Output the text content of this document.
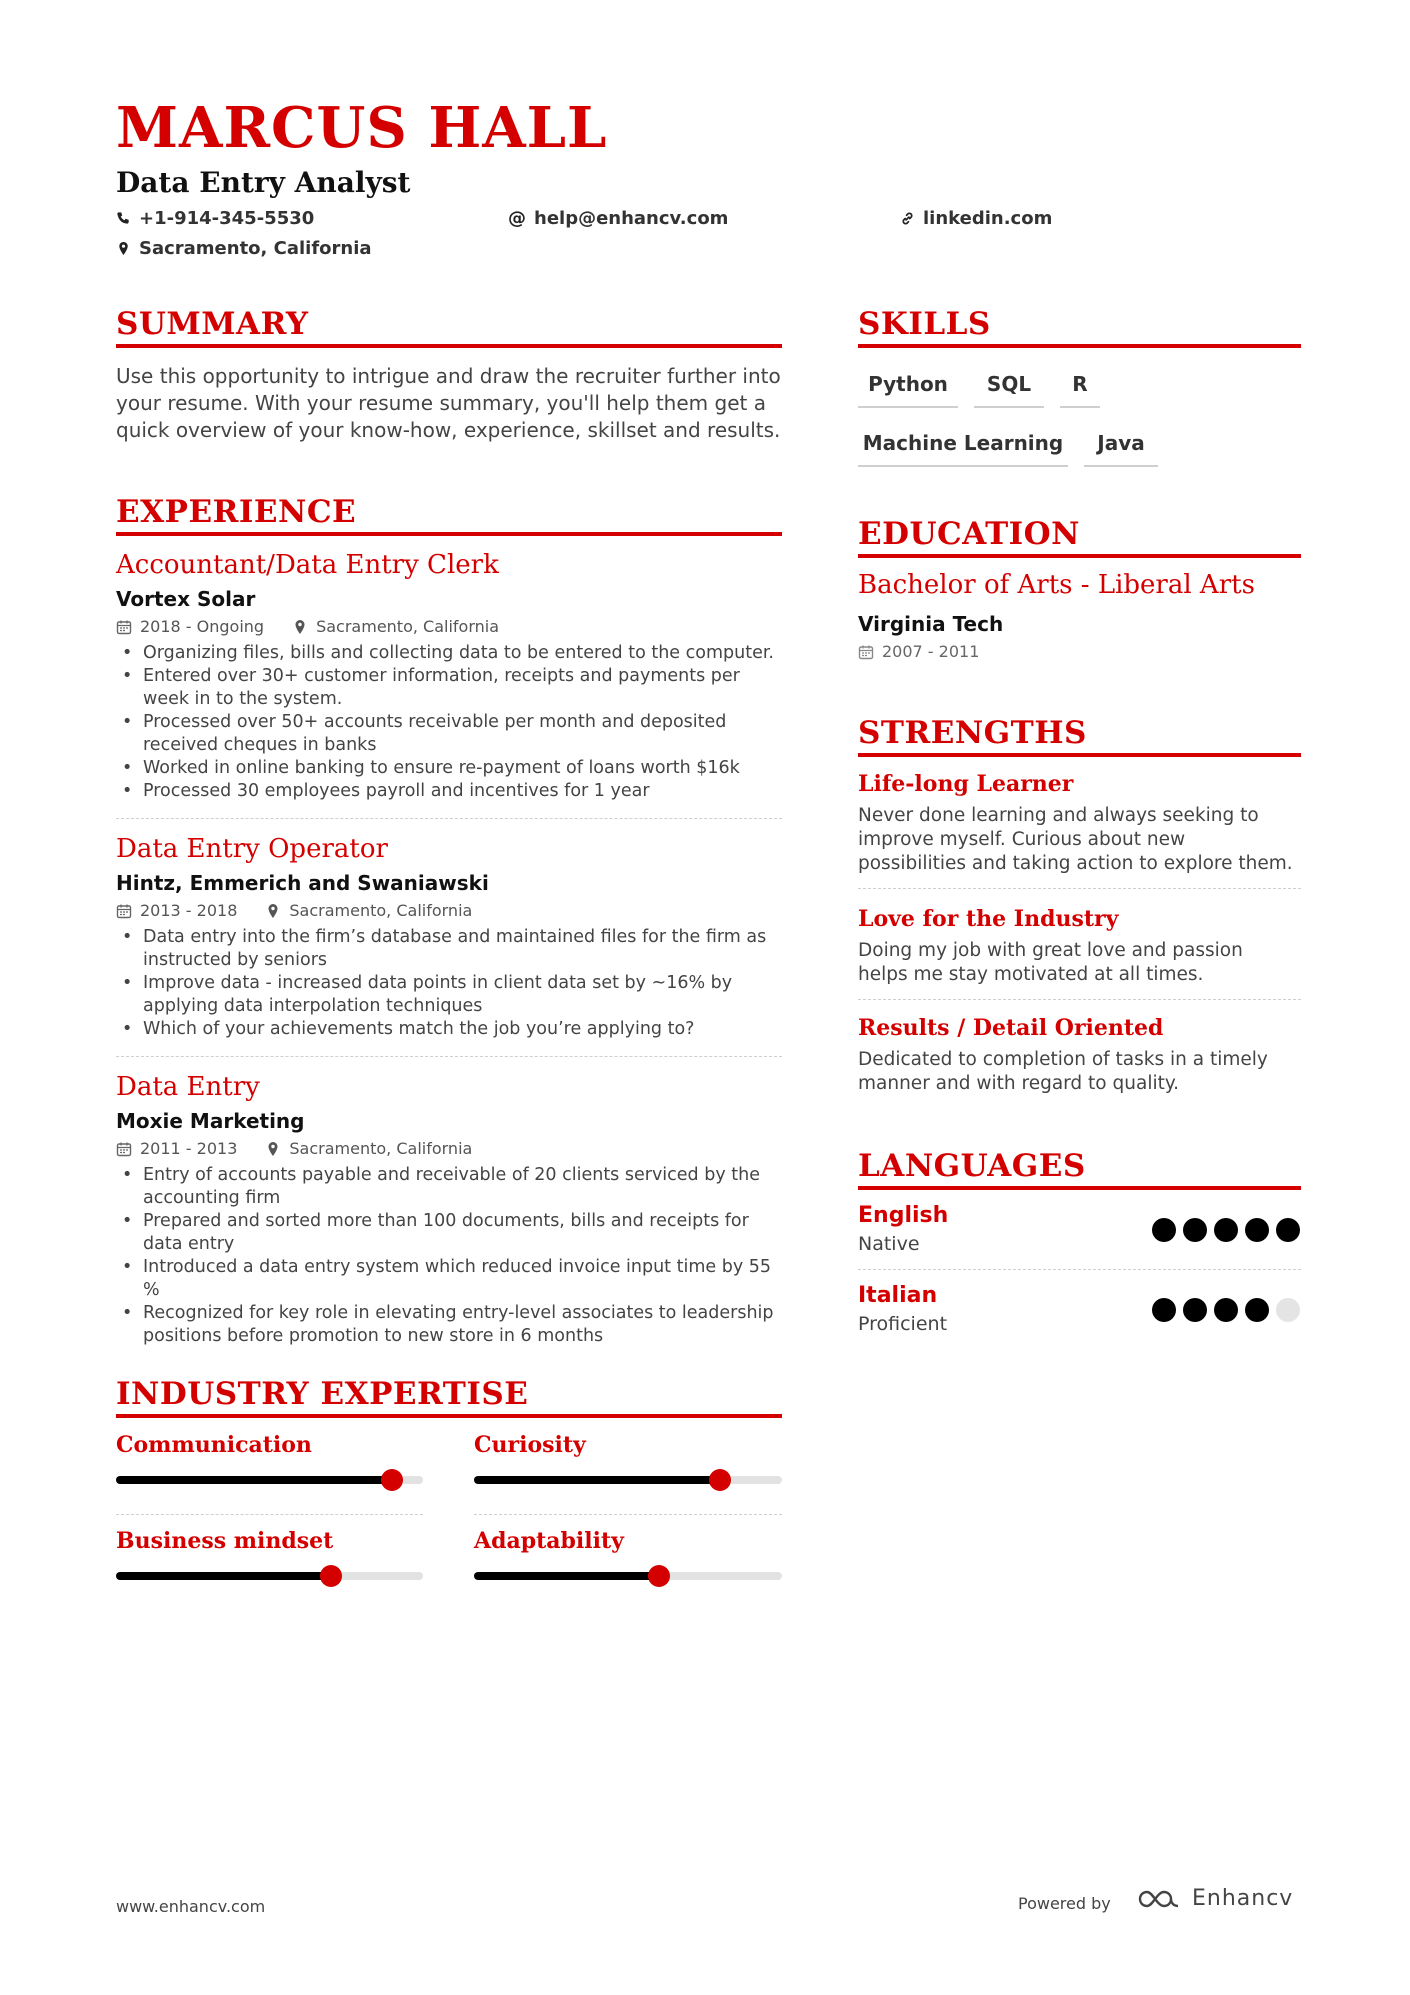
MARCUS HALL
Data Entry Analyst
+1-914-345-5530	@ help@enhancv.com	linkedin.com
Sacramento, California
SUMMARY
Use this opportunity to intrigue and draw the recruiter further into your resume. With your resume summary, you'll help them get a quick overview of your know-how, experience, skillset and results.
EXPERIENCE
Accountant/Data Entry Clerk
Vortex Solar
2018 - Ongoing	Sacramento, California
• Organizing files, bills and collecting data to be entered to the computer.
• Entered over 30+ customer information, receipts and payments per week in to the system.
• Processed over 50+ accounts receivable per month and deposited received cheques in banks
• Worked in online banking to ensure re-payment of loans worth $16k
• Processed 30 employees payroll and incentives for 1 year
Data Entry Operator
Hintz, Emmerich and Swaniawski
2013 - 2018	Sacramento, California
• Data entry into the firm’s database and maintained files for the firm as instructed by seniors
• Improve data - increased data points in client data set by ~16% by applying data interpolation techniques
• Which of your achievements match the job you’re applying to?
Data Entry
Moxie Marketing
2011 - 2013	Sacramento, California
• Entry of accounts payable and receivable of 20 clients serviced by the accounting firm
• Prepared and sorted more than 100 documents, bills and receipts for data entry
• Introduced a data entry system which reduced invoice input time by 55 %
• Recognized for key role in elevating entry-level associates to leadership positions before promotion to new store in 6 months
INDUSTRY EXPERTISE
Communication	Curiosity
Business mindset	Adaptability
SKILLS
Python	SQL	R
Machine Learning	Java
EDUCATION
Bachelor of Arts - Liberal Arts
Virginia Tech
2007 - 2011
STRENGTHS
Life-long Learner
Never done learning and always seeking to improve myself. Curious about new possibilities and taking action to explore them.
Love for the Industry
Doing my job with great love and passion helps me stay motivated at all times.
Results / Detail Oriented
Dedicated to completion of tasks in a timely manner and with regard to quality.
LANGUAGES
English
Native
Italian
Proficient
www.enhancv.com	Powered by	Enhancv
